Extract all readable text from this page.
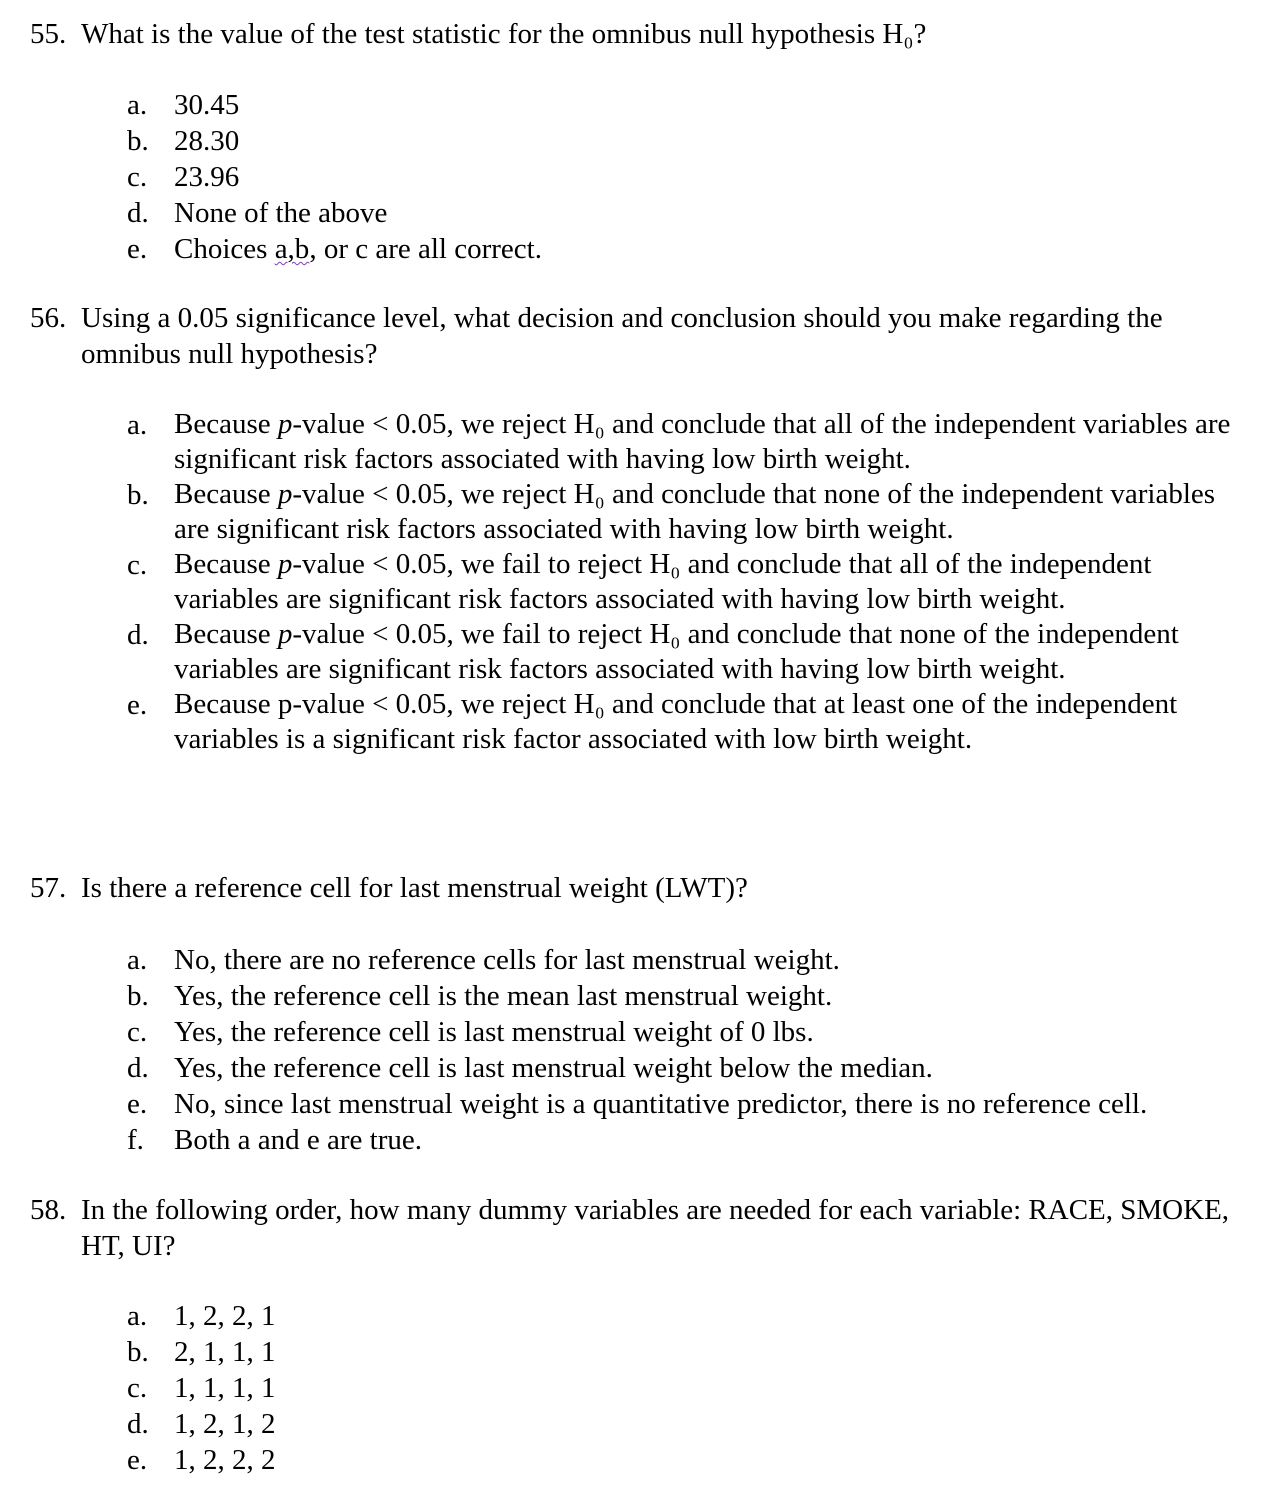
55. What is the value of the test statistic for the omnibus null hypothesis H₀?
a. 30.45
b. 28.30
c. 23.96
d. None of the above
e. Choices a,b, or c are all correct.
56. Using a 0.05 significance level, what decision and conclusion should you make regarding the omnibus null hypothesis?
a. Because p-value < 0.05, we reject H₀ and conclude that all of the independent variables are significant risk factors associated with having low birth weight.
b. Because p-value < 0.05, we reject H₀ and conclude that none of the independent variables are significant risk factors associated with having low birth weight.
c. Because p-value < 0.05, we fail to reject H₀ and conclude that all of the independent variables are significant risk factors associated with having low birth weight.
d. Because p-value < 0.05, we fail to reject H₀ and conclude that none of the independent variables are significant risk factors associated with having low birth weight.
e. Because p-value < 0.05, we reject H₀ and conclude that at least one of the independent variables is a significant risk factor associated with low birth weight.
57. Is there a reference cell for last menstrual weight (LWT)?
a. No, there are no reference cells for last menstrual weight.
b. Yes, the reference cell is the mean last menstrual weight.
c. Yes, the reference cell is last menstrual weight of 0 lbs.
d. Yes, the reference cell is last menstrual weight below the median.
e. No, since last menstrual weight is a quantitative predictor, there is no reference cell.
f.	Both a and e are true.
58. In the following order, how many dummy variables are needed for each variable: RACE, SMOKE, HT, UI?
a. 1, 2, 2, 1
b. 2, 1, 1, 1
c. 1, 1, 1, 1
d. 1, 2, 1, 2
e. 1, 2, 2, 2
